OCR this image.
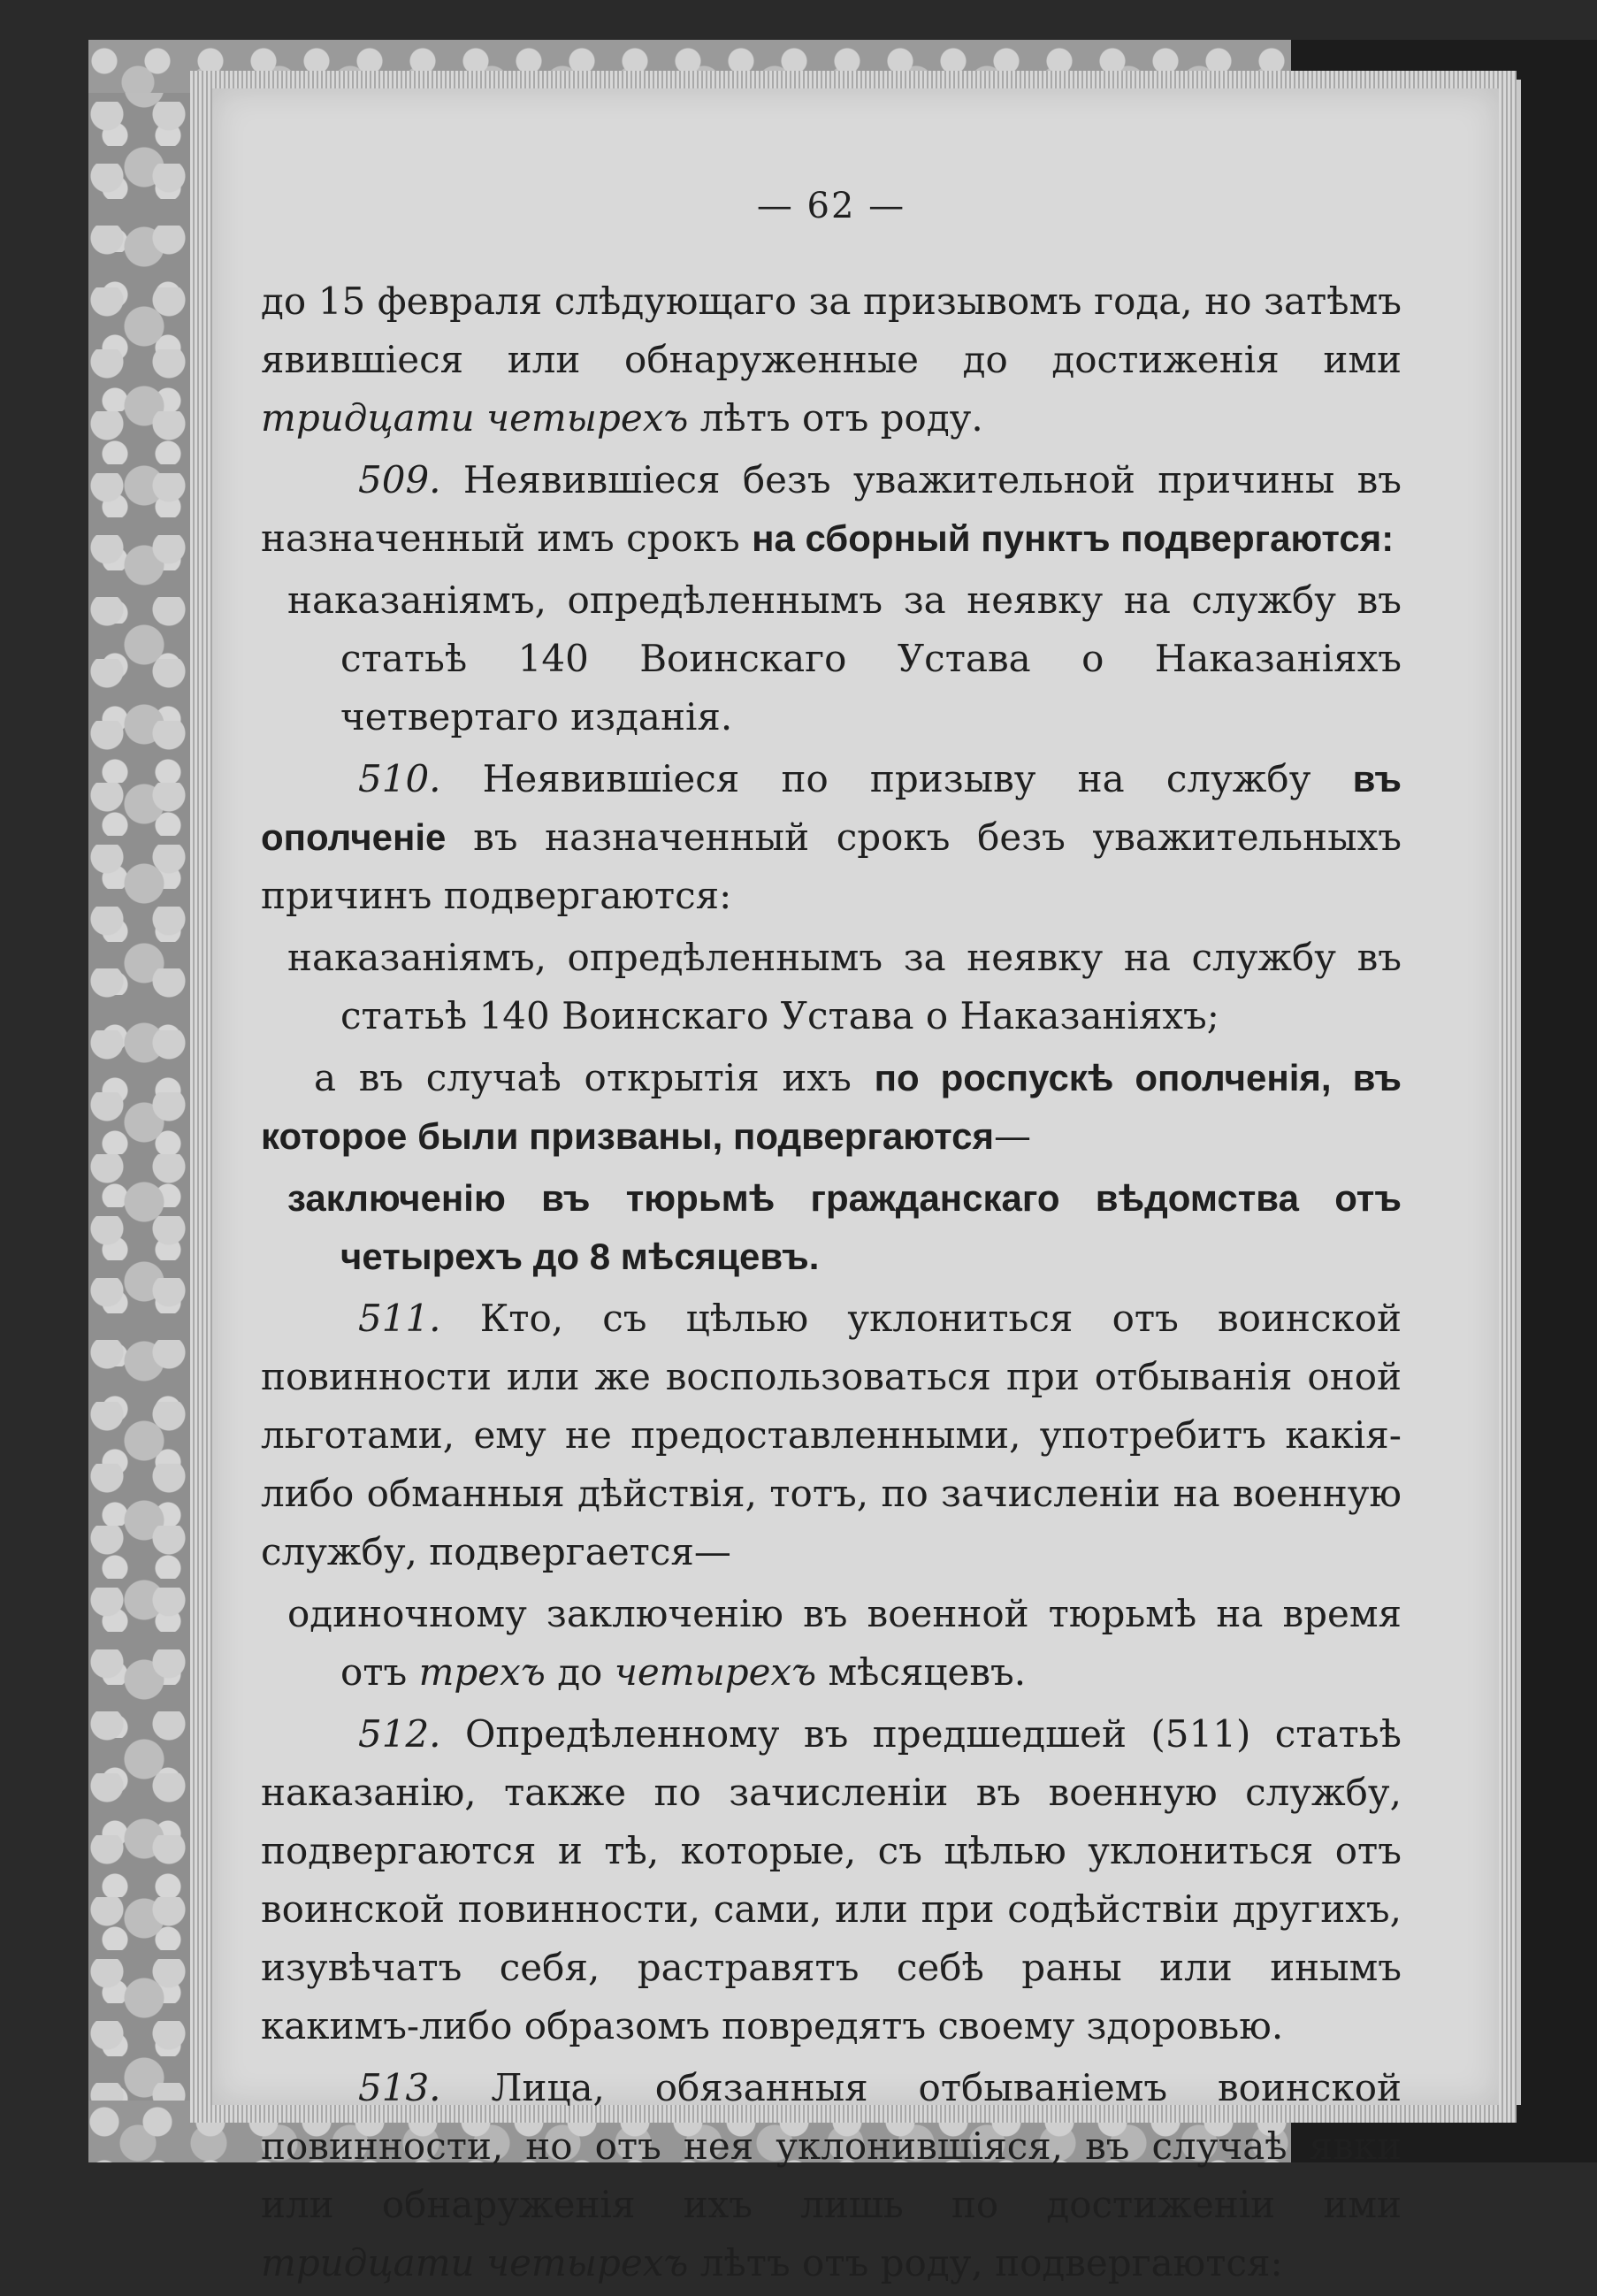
— 62 —

до 15 февраля слѣдующаго за призывомъ года, но затѣмъ явившiеся или обнаруженные до достиженiя ими тридцати четырехъ лѣтъ отъ роду.

509. Неявившiеся безъ уважительной причины въ назначенный имъ срокъ на сборный пунктъ подвергаются:

наказанiямъ, опредѣленнымъ за неявку на службу въ статьѣ 140 Воинскаго Устава о Наказанiяхъ четвертаго изданiя.

510. Неявившiеся по призыву на службу въ ополченiе въ назначенный срокъ безъ уважительныхъ причинъ подвергаются:

наказанiямъ, опредѣленнымъ за неявку на службу въ статьѣ 140 Воинскаго Устава о Наказанiяхъ;

а въ случаѣ открытiя ихъ по роспускѣ ополченiя, въ которое были призваны, подвергаются—

заключенiю въ тюрьмѣ гражданскаго вѣдомства отъ четырехъ до 8 мѣсяцевъ.

511. Кто, съ цѣлью уклониться отъ воинской повинности или же воспользоваться при отбыванiя оной льготами, ему не предоставленными, употребитъ какiя-либо обманныя дѣйствiя, тотъ, по зачисленiи на военную службу, подвергается—

одиночному заключенiю въ военной тюрьмѣ на время отъ трехъ до четырехъ мѣсяцевъ.

512. Опредѣленному въ предшедшей (511) статьѣ наказанiю, также по зачисленiи въ военную службу, подвергаются и тѣ, которые, съ цѣлью уклониться отъ воинской повинности, сами, или при содѣйствiи другихъ, изувѣчатъ себя, растравятъ себѣ раны или инымъ какимъ-либо образомъ повредятъ своему здоровью.

513. Лица, обязанныя отбыванiемъ воинской повинности, но отъ нея уклонившiяся, въ случаѣ явки или обнаруженiя ихъ лишь по достиженiи ими тридцати четырехъ лѣтъ отъ роду, подвергаются:
